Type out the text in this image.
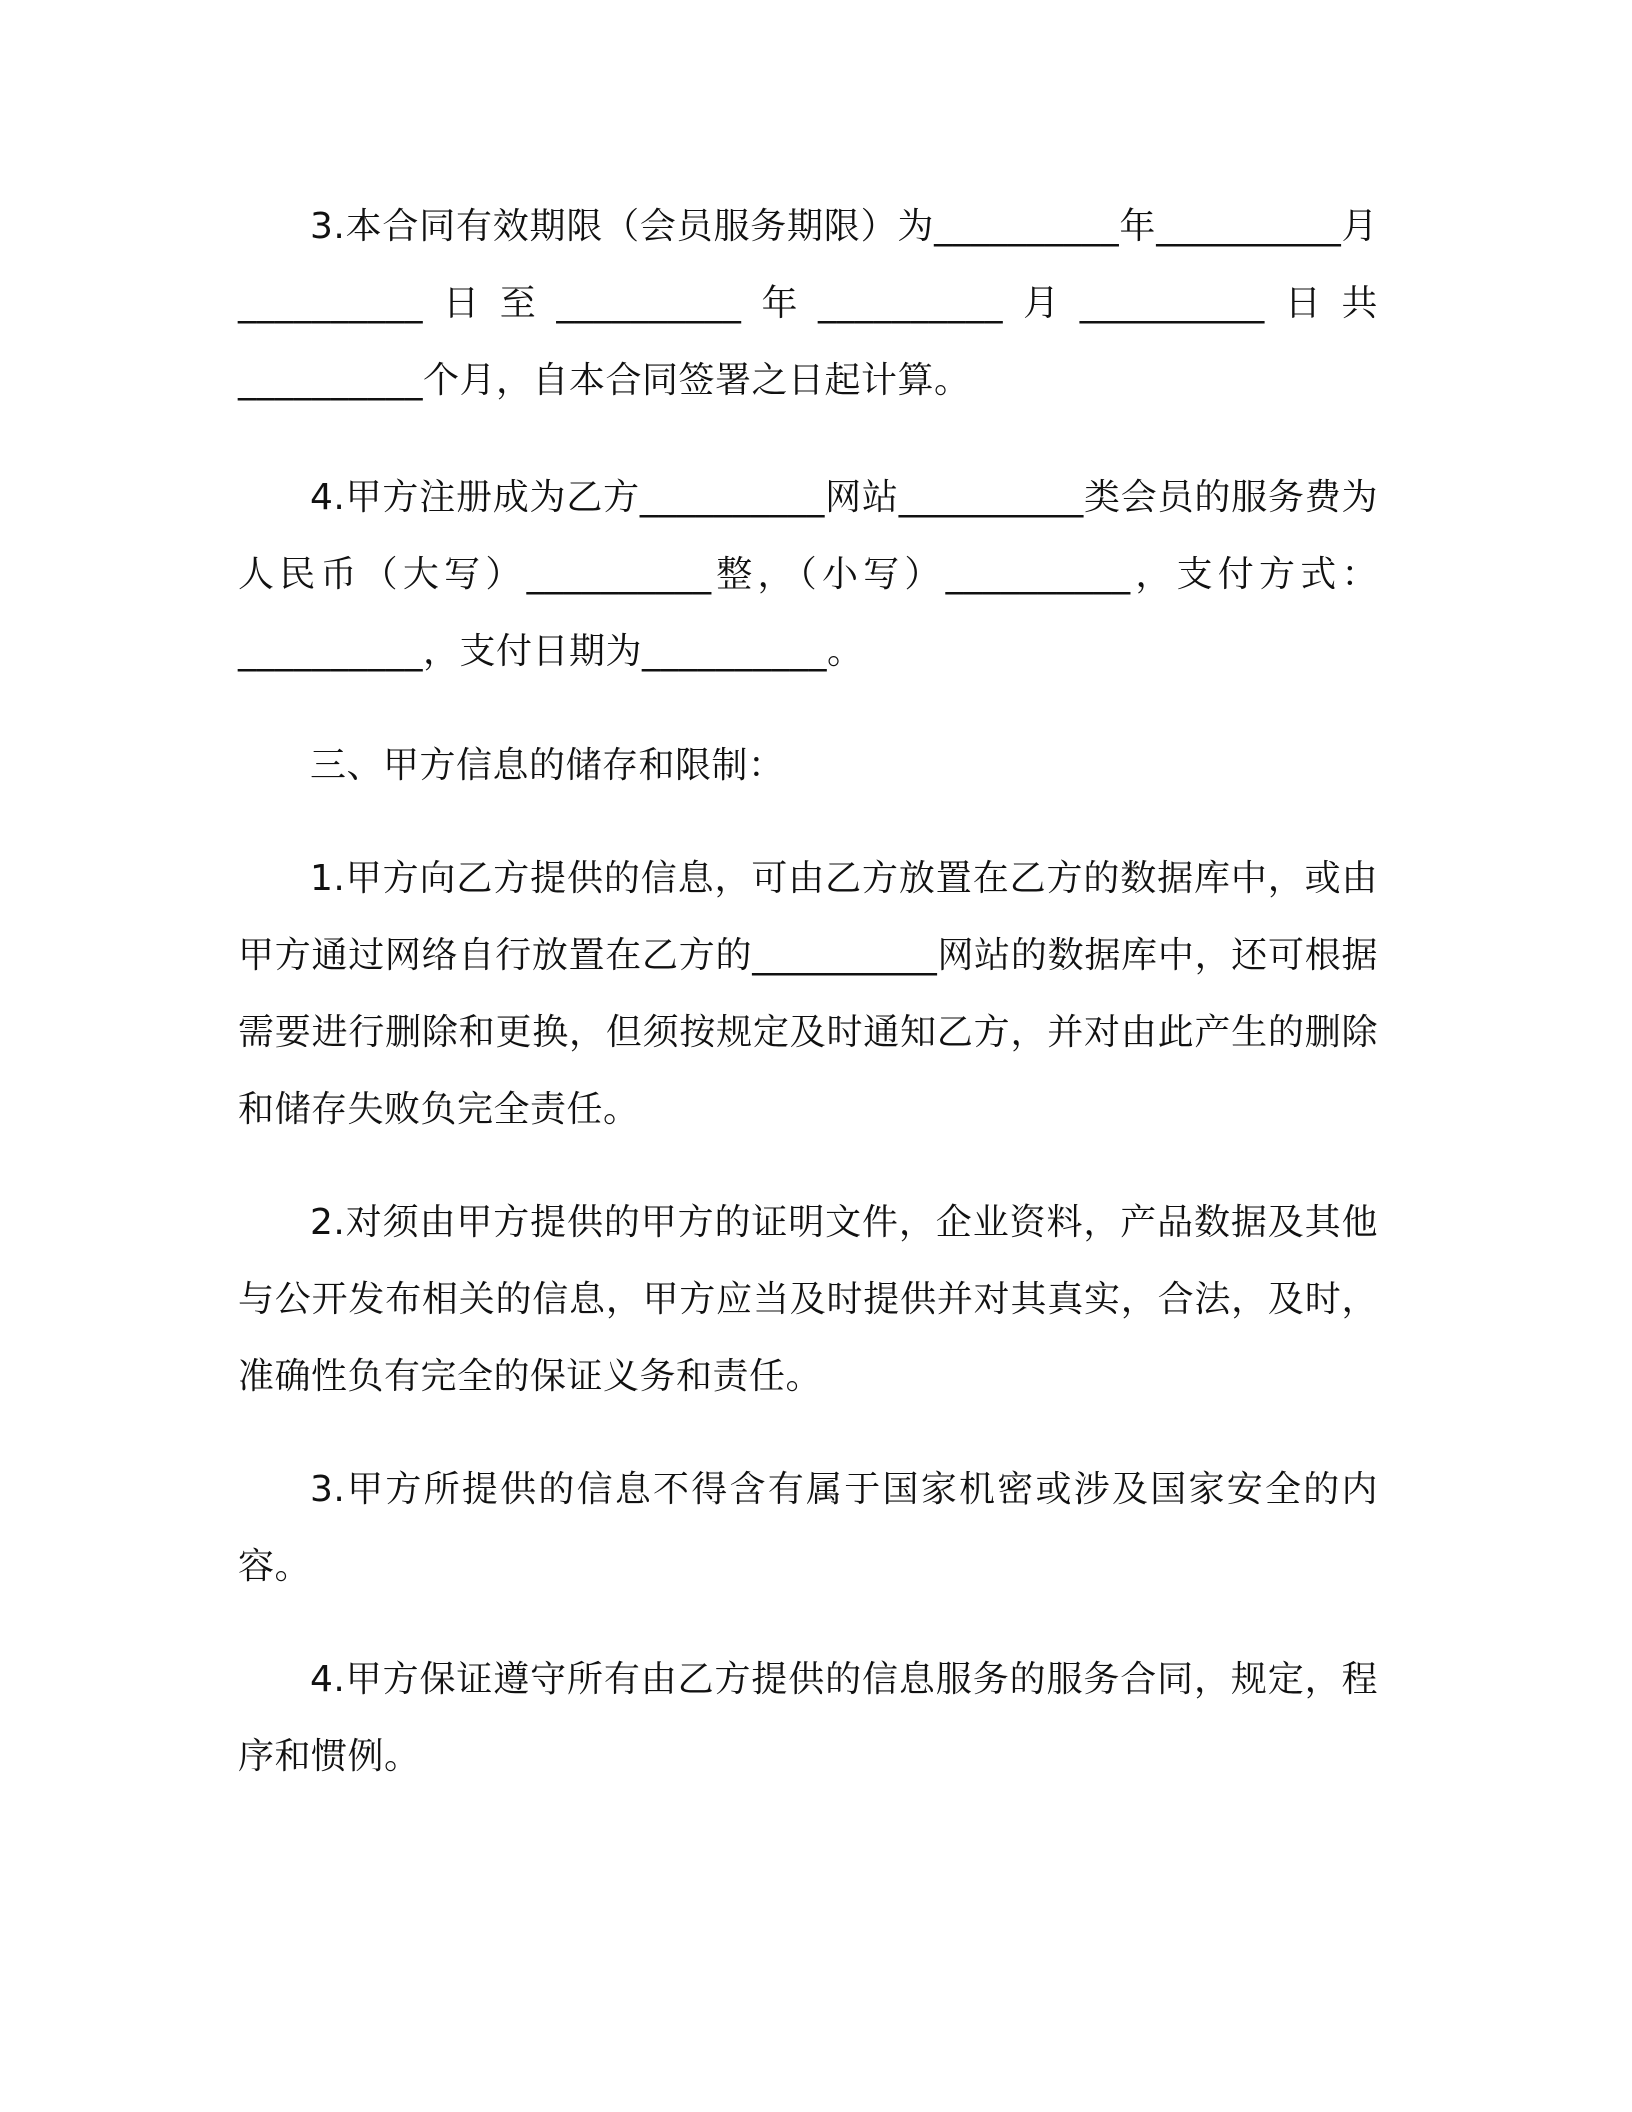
3.本合同有效期限（会员服务期限）为__________年__________月__________日至__________年__________月__________日共__________个月，自本合同签署之日起计算。

4.甲方注册成为乙方__________网站__________类会员的服务费为人民币（大写）__________整，（小写）__________，支付方式：__________，支付日期为__________。

三、甲方信息的储存和限制：

1.甲方向乙方提供的信息，可由乙方放置在乙方的数据库中，或由甲方通过网络自行放置在乙方的__________网站的数据库中，还可根据需要进行删除和更换，但须按规定及时通知乙方，并对由此产生的删除和储存失败负完全责任。

2.对须由甲方提供的甲方的证明文件，企业资料，产品数据及其他与公开发布相关的信息，甲方应当及时提供并对其真实，合法，及时，准确性负有完全的保证义务和责任。

3.甲方所提供的信息不得含有属于国家机密或涉及国家安全的内容。

4.甲方保证遵守所有由乙方提供的信息服务的服务合同，规定，程序和惯例。
